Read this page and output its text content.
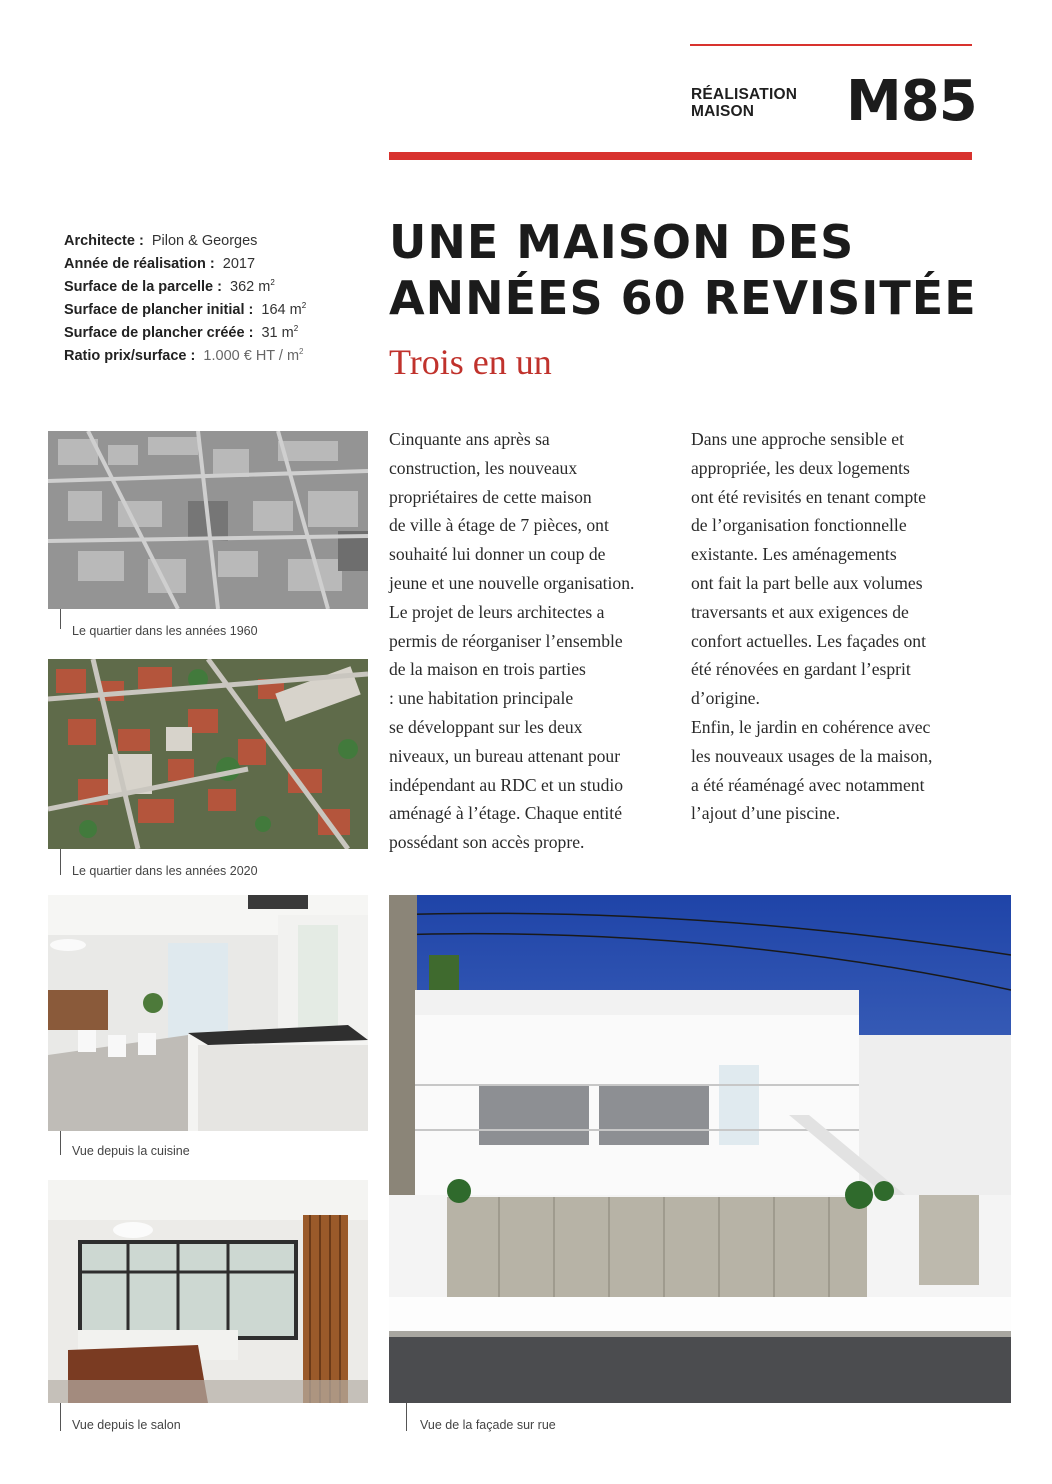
RÉALISATION
MAISON	M85
Architecte : Pilon & Georges
Année de réalisation : 2017
Surface de la parcelle : 362 $m^2$
Surface de plancher initial : 164 $m^2$
Surface de plancher créée : 31 $m^2$
Ratio prix/surface : 1.000 € HT / $m^2$
UNE MAISON DES
ANNÉES 60 REVISITÉE
Trois en un

Cinquante ans après sa
construction, les nouveaux
propriétaires de cette maison
de ville à étage de 7 pièces, ont
souhaité lui donner un coup de
jeune et une nouvelle organisation.
Le projet de leurs architectes a
permis de réorganiser l’ensemble
de la maison en trois parties
: une habitation principale
se développant sur les deux
niveaux, un bureau attenant pour
indépendant au RDC et un studio
aménagé à l’étage. Chaque entité
possédant son accès propre.

Dans une approche sensible et
appropriée, les deux logements
ont été revisités en tenant compte
de l’organisation fonctionnelle
existante. Les aménagements
ont fait la part belle aux volumes
traversants et aux exigences de
confort actuelles. Les façades ont
été rénovées en gardant l’esprit
d’origine.
Enfin, le jardin en cohérence avec
les nouveaux usages de la maison,
a été réaménagé avec notamment
l’ajout d’une piscine.

Le quartier dans les années 1960
Le quartier dans les années 2020
Vue depuis la cuisine
Vue depuis le salon	Vue de la façade sur rue
